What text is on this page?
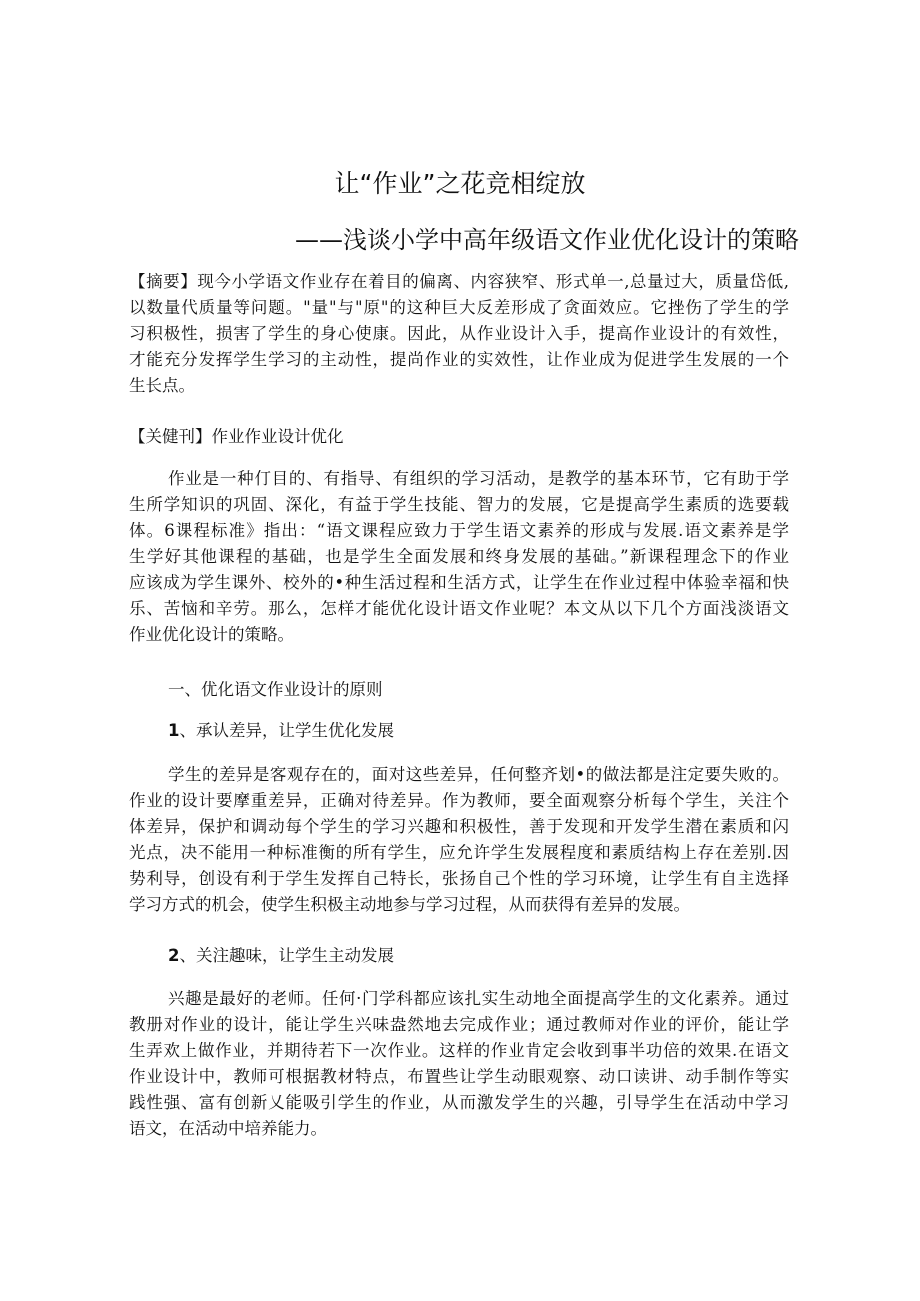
让“作业”之花竞相绽放
——浅谈小学中高年级语文作业优化设计的策略
【摘要】现今小学语文作业存在着目的偏离、内容狭窄、形式单一,总量过大，质量岱低,
以数量代质量等问题。"量"与"原"的这种巨大反差形成了贪面效应。它挫伤了学生的学
习积极性，损害了学生的身心使康。因此，从作业设计入手，提高作业设计的有效性，
才能充分发挥学生学习的主动性，提尚作业的实效性，让作业成为促进学生发展的一个
生长点。
【关健刊】作业作业设计优化
作业是一种仃目的、有指导、有组织的学习活动，是教学的基本环节，它有助于学
生所学知识的巩固、深化，有益于学生技能、智力的发展，它是提高学生素质的选要载
体。6课程标准》指出：“语文课程应致力于学生语文素养的形成与发展.语文素养是学
生学好其他课程的基础，也是学生全面发展和终身发展的基础。”新课程理念下的作业
应该成为学生课外、校外的•种生活过程和生活方式，让学生在作业过程中体验幸福和快
乐、苦恼和辛劳。那么，怎样才能优化设计语文作业呢？本文从以下几个方面浅淡语文
作业优化设计的策略。
一、优化语文作业设计的原则
1、承认差异，让学生优化发展
学生的差异是客观存在的，面对这些差异，任何整齐划•的做法都是注定要失败的。
作业的设计要摩重差异，正确对待差异。作为教师，要全面观察分析每个学生，关注个
体差异，保护和调动每个学生的学习兴趣和积极性，善于发现和开发学生潜在素质和闪
光点，决不能用一种标准衡的所有学生，应允许学生发展程度和素质结构上存在差别.因
势利导，创设有利于学生发挥自己特长，张扬自己个性的学习环境，让学生有自主选择
学习方式的机会，使学生积极主动地参与学习过程，从而获得有差异的发展。
2、关注趣味，让学生主动发展
兴趣是最好的老师。任何·门学科都应该扎实生动地全面提高学生的文化素养。通过
教册对作业的设计，能让学生兴味盎然地去完成作业；通过教师对作业的评价，能让学
生弄欢上做作业，并期待若下一次作业。这样的作业肯定会收到事半功倍的效果.在语文
作业设计中，教师可根据教材特点，布置些让学生动眼观察、动口读讲、动手制作等实
践性强、富有创新乂能吸引学生的作业，从而激发学生的兴趣，引导学生在活动中学习
语文，在活动中培养能力。
